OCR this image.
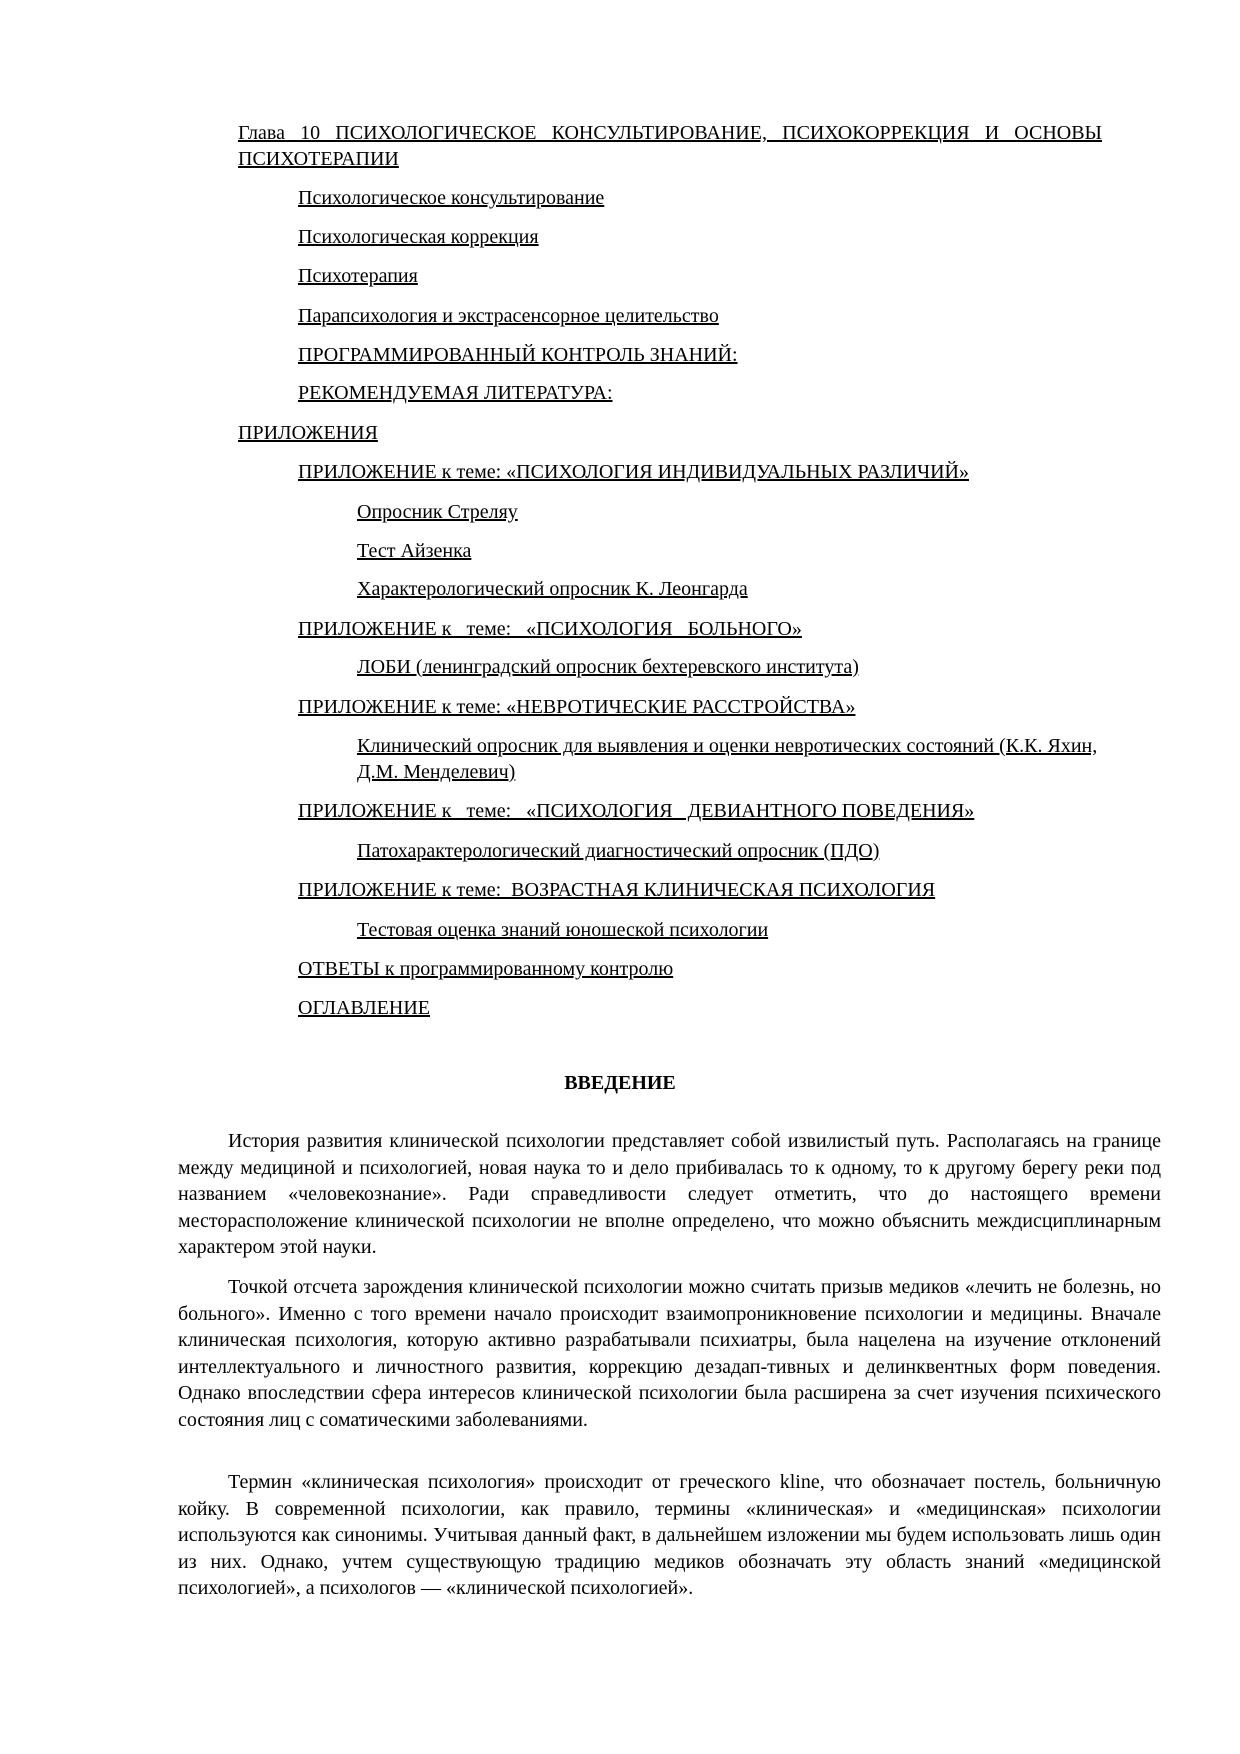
Глава 10 ПСИХОЛОГИЧЕСКОЕ КОНСУЛЬТИРОВАНИЕ, ПСИХОКОРРЕКЦИЯ И ОСНОВЫ ПСИХОТЕРАПИИ
Психологическое консультирование
Психологическая коррекция
Психотерапия
Парапсихология и экстрасенсорное целительство
ПРОГРАММИРОВАННЫЙ КОНТРОЛЬ ЗНАНИЙ:
РЕКОМЕНДУЕМАЯ ЛИТЕРАТУРА:
ПРИЛОЖЕНИЯ
ПРИЛОЖЕНИЕ к теме: «ПСИХОЛОГИЯ ИНДИВИДУАЛЬНЫХ РАЗЛИЧИЙ»
Опросник Стреляу
Тест Айзенка
Характерологический опросник К. Леонгарда
ПРИЛОЖЕНИЕ к   теме:   «ПСИХОЛОГИЯ   БОЛЬНОГО»
ЛОБИ (ленинградский опросник бехтеревского института)
ПРИЛОЖЕНИЕ к теме: «НЕВРОТИЧЕСКИЕ РАССТРОЙСТВА»
Клинический опросник для выявления и оценки невротических состояний (К.К. Яхин, Д.М. Менделевич)
ПРИЛОЖЕНИЕ к   теме:   «ПСИХОЛОГИЯ   ДЕВИАНТНОГО ПОВЕДЕНИЯ»
Патохарактерологический диагностический опросник (ПДО)
ПРИЛОЖЕНИЕ к теме:  ВОЗРАСТНАЯ КЛИНИЧЕСКАЯ ПСИХОЛОГИЯ
Тестовая оценка знаний юношеской психологии
ОТВЕТЫ к программированному контролю
ОГЛАВЛЕНИЕ
ВВЕДЕНИЕ

История развития клинической психологии представляет собой извилистый путь. Располагаясь на границе между медициной и психологией, новая наука то и дело прибивалась то к одному, то к другому берегу реки под названием «человекознание». Ради справедливости следует отметить, что до настоящего времени месторасположение клинической психологии не вполне определено, что можно объяснить междисциплинарным характером этой науки.

Точкой отсчета зарождения клинической психологии можно считать призыв медиков «лечить не болезнь, но больного». Именно с того времени начало происходит взаимопроникновение психологии и медицины. Вначале клиническая психология, которую активно разрабатывали психиатры, была нацелена на изучение отклонений интеллектуального и личностного развития, коррекцию дезадап-тивных и делинквентных форм поведения. Однако впоследствии сфера интересов клинической психологии была расширена за счет изучения психического состояния лиц с соматическими заболеваниями.

Термин «клиническая психология» происходит от греческого kline, что обозначает постель, больничную койку. В современной психологии, как правило, термины «клиническая» и «медицинская» психологии используются как синонимы. Учитывая данный факт, в дальнейшем изложении мы будем использовать лишь один из них. Однако, учтем существующую традицию медиков обозначать эту область знаний «медицинской психологией», а психологов — «клинической психологией».
